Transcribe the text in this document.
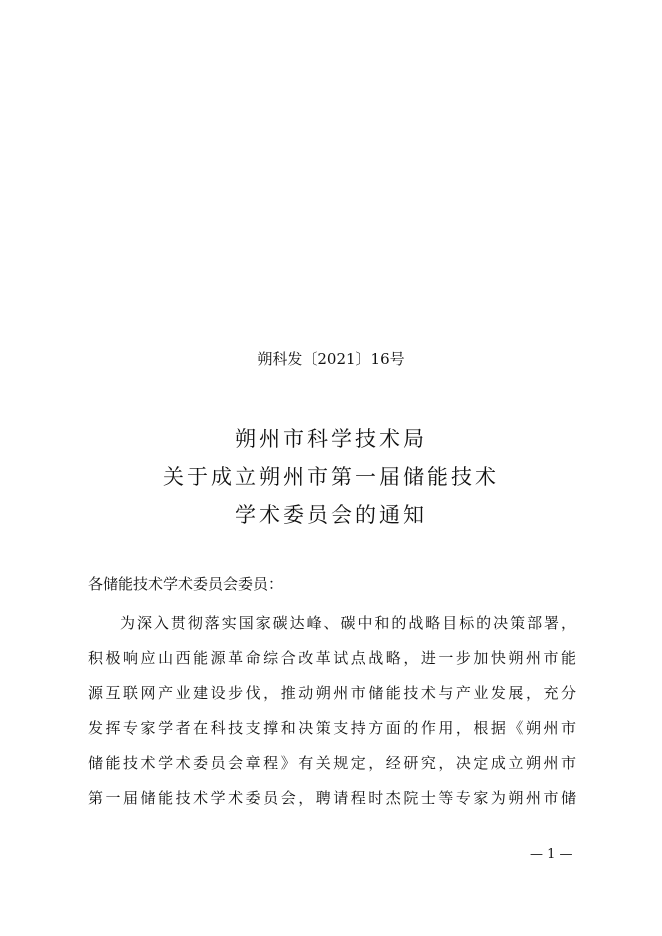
朔科发〔2021〕16号
朔州市科学技术局
关于成立朔州市第一届储能技术
学术委员会的通知
各储能技术学术委员会委员：
为深入贯彻落实国家碳达峰、碳中和的战略目标的决策部署，
积极响应山西能源革命综合改革试点战略，进一步加快朔州市能
源互联网产业建设步伐，推动朔州市储能技术与产业发展，充分
发挥专家学者在科技支撑和决策支持方面的作用，根据《朔州市
储能技术学术委员会章程》有关规定，经研究，决定成立朔州市
第一届储能技术学术委员会，聘请程时杰院士等专家为朔州市储
— 1 —
